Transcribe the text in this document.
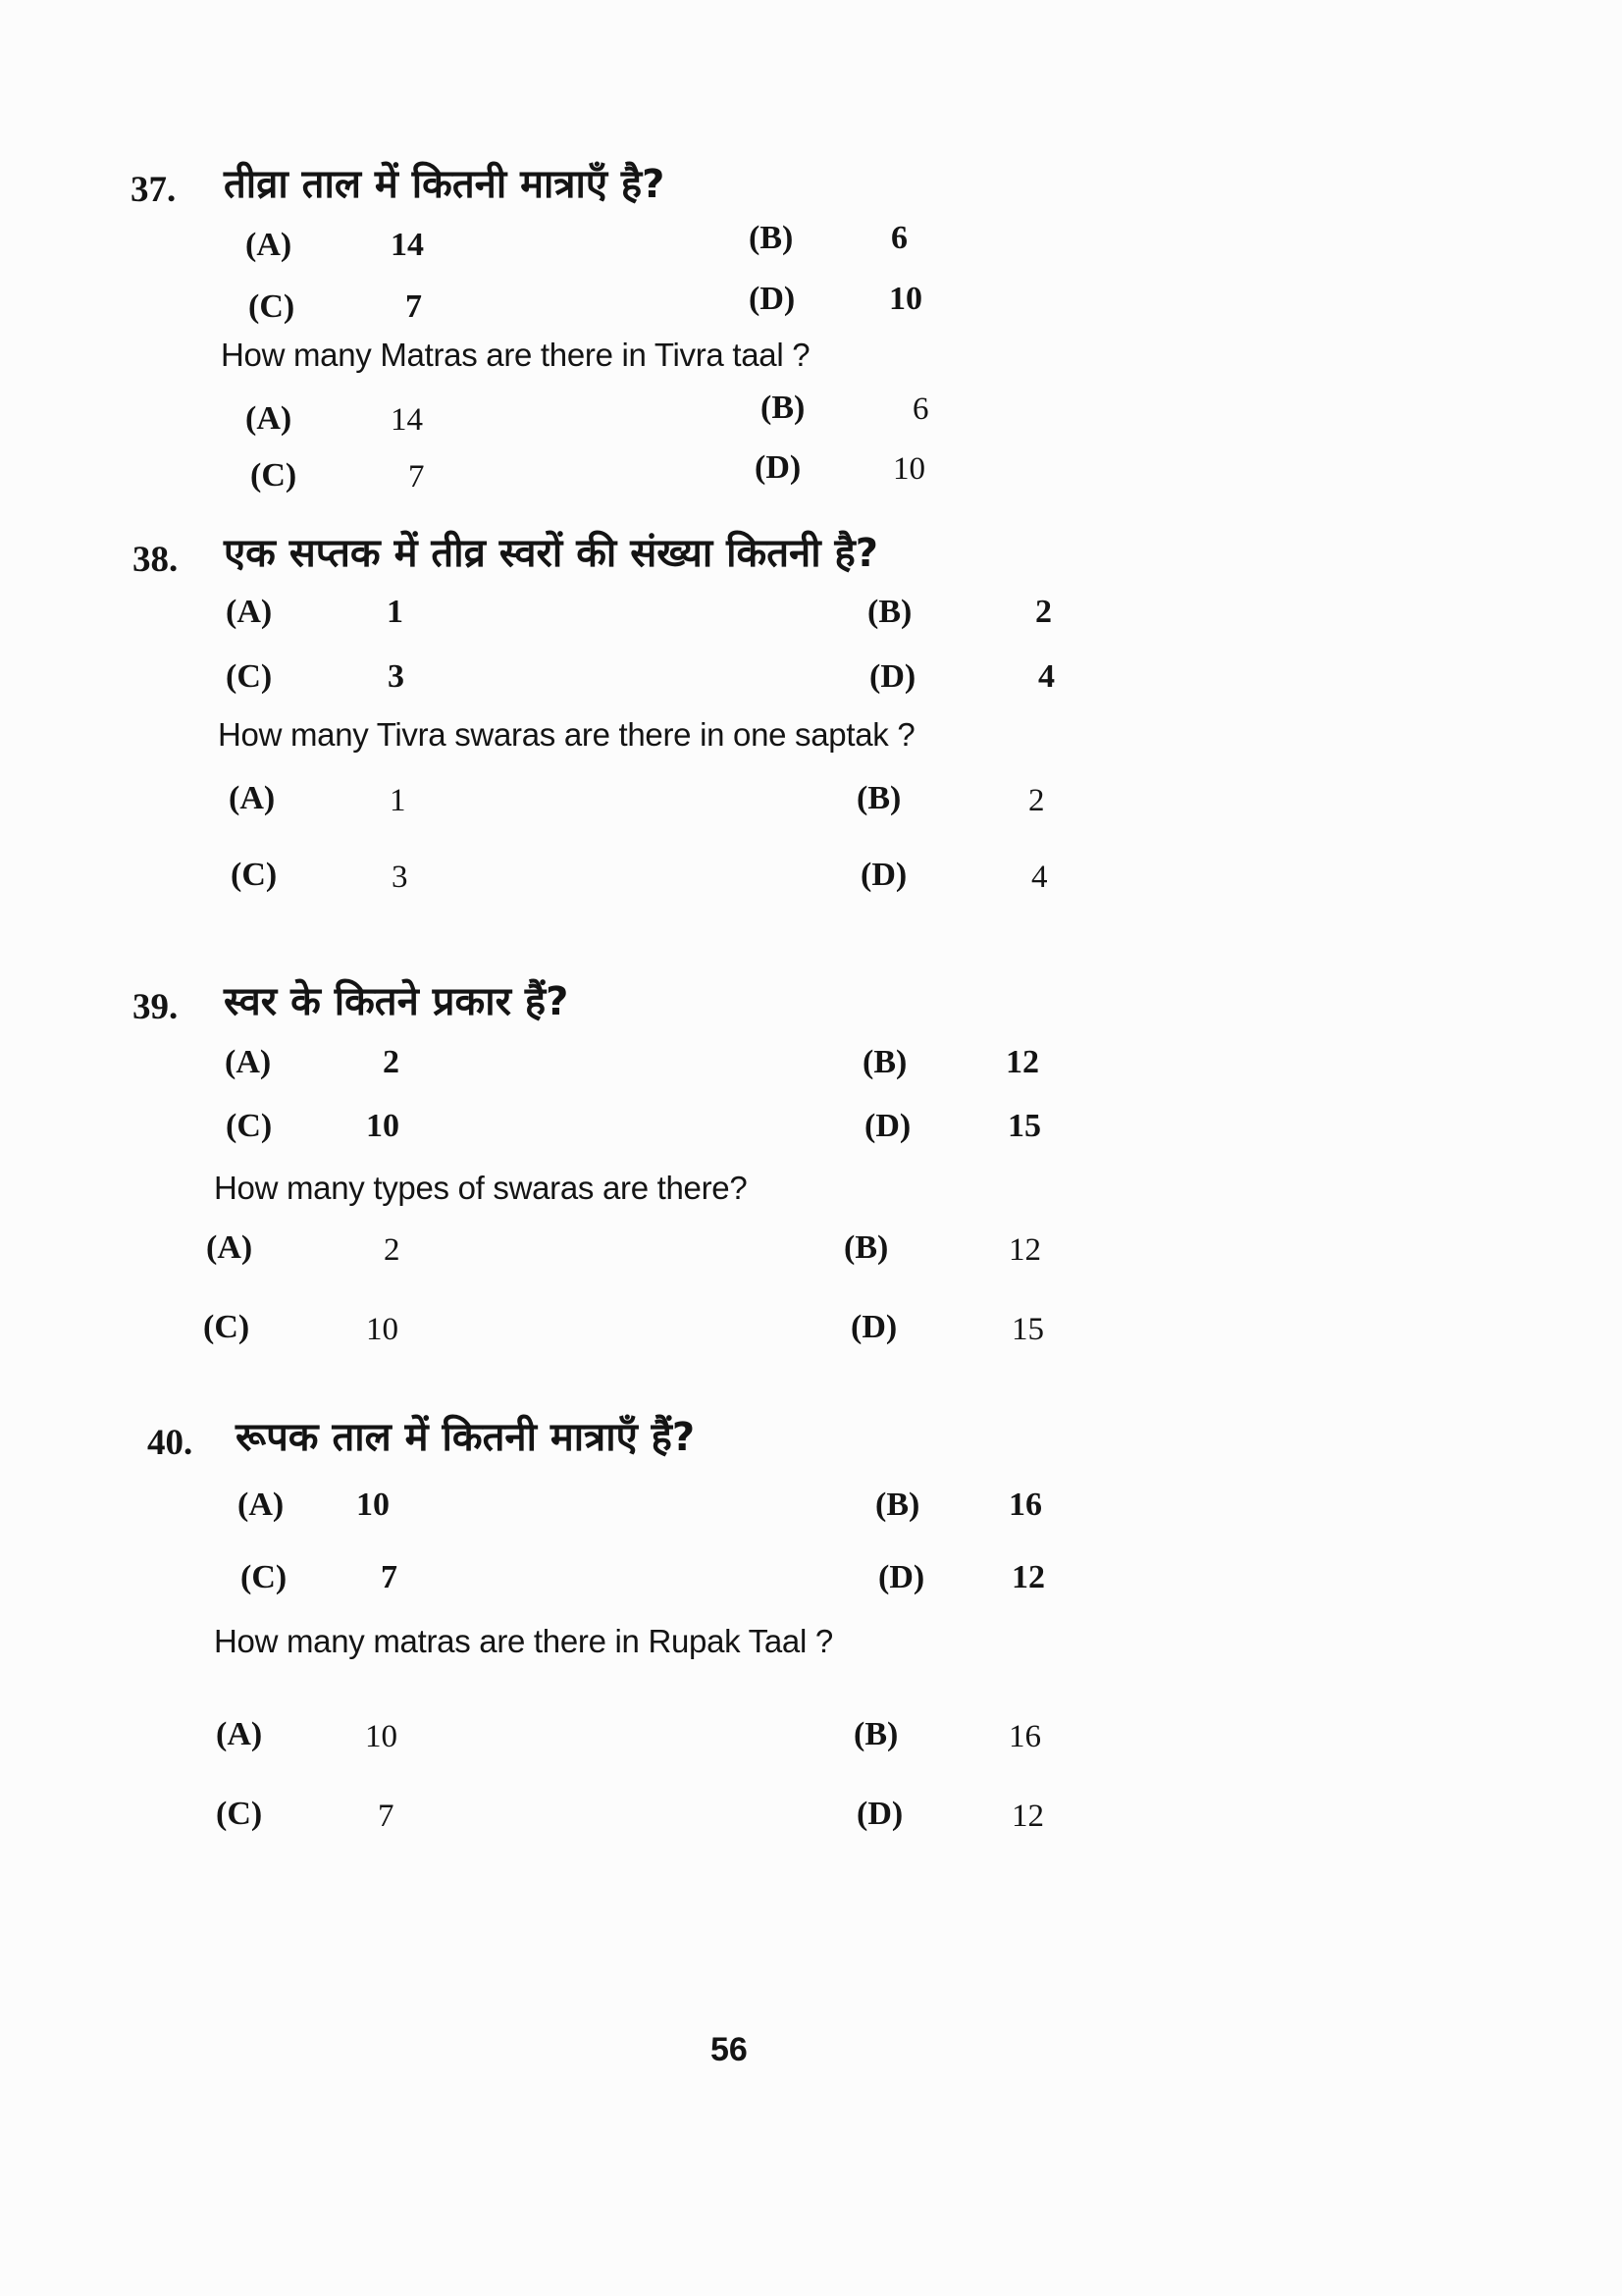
37. तीव्रा ताल में कितनी मात्राएँ है?
(A)	14	(B)	6
(C)	7	(D)	10
How many Matras are there in Tivra taal ?
(A)	14	(B)	6
(C)	7	(D)	10
38. एक सप्तक में तीव्र स्वरों की संख्या कितनी है?
(A)	1	(B)	2
(C)	3	(D)	4
How many Tivra swaras are there in one saptak ?
(A)	1	(B)	2
(C)	3	(D)	4
39. स्वर के कितने प्रकार हैं?
(A)	2	(B)	12
(C)	10	(D)	15
How many types of swaras are there?
(A)	2	(B)	12
(C)	10	(D)	15
40. रूपक ताल में कितनी मात्राएँ हैं?
(A) 10	(B)	16
(C)	7	(D)	12
How many matras are there in Rupak Taal ?
(A)	10	(B)	16
(C)	7	(D)	12
56
